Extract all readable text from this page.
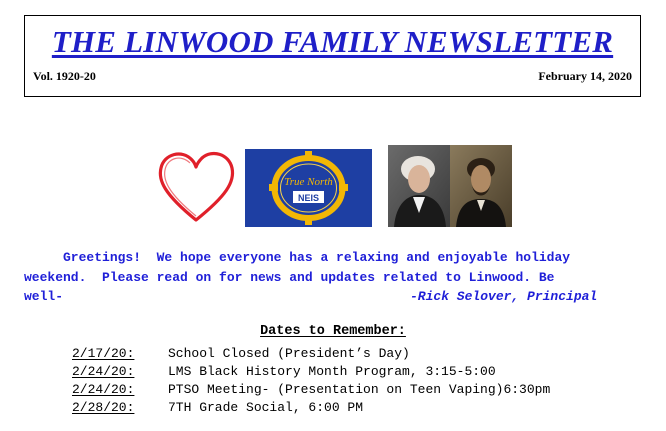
THE LINWOOD FAMILY NEWSLETTER
Vol. 1920-20	February 14, 2020
True North
NEIS
Greetings!  We hope everyone has a relaxing and enjoyable holiday
weekend.  Please read on for news and updates related to Linwood. Be
well-	-Rick Selover, Principal
Dates to Remember:
2/17/20:	School Closed (President’s Day)
2/24/20:	LMS Black History Month Program, 3:15-5:00
2/24/20:	PTSO Meeting- (Presentation on Teen Vaping)6:30pm
2/28/20:	7TH Grade Social, 6:00 PM
